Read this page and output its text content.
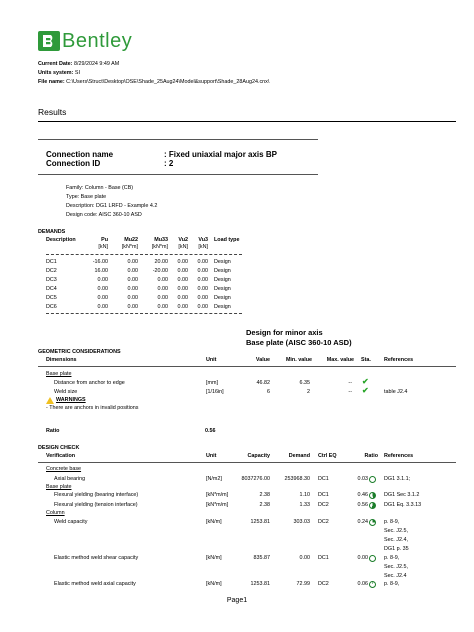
Bentley
Current Date: 8/29/2024 9:49 AM
Units system: SI
File name: C:\Users\Struct\Desktop\OSE\Shade_25Aug24\Model&support\Shade_28Aug24.cnx\
Results
Connection name	: Fixed uniaxial major axis BP
Connection ID	: 2
Family: Column - Base (CB)
Type: Base plate
Description: DG1 LRFD - Example 4.2
Design code: AISC 360-10 ASD
DEMANDS
Description	Pu	Mu22	Mu33	Vu2	Vu3 Load type
[kN]	[kN*m]	[kN*m]	[kN]	[kN]
DC1	-16.00	0.00	20.00	0.00	0.00 Design
DC2	16.00	0.00	-20.00	0.00	0.00 Design
DC3	0.00	0.00	0.00	0.00	0.00 Design
DC4	0.00	0.00	0.00	0.00	0.00 Design
DC5	0.00	0.00	0.00	0.00	0.00 Design
DC6	0.00	0.00	0.00	0.00	0.00 Design
Design for minor axis
Base plate (AISC 360-10 ASD)
GEOMETRIC CONSIDERATIONS
Dimensions	Unit	Value	Min. value	Max. value Sta. References
Base plate
Distance from anchor to edge	[mm]	46.82	6.35	-- ✔
Weld size	[1/16in]	6	2	-- ✔	table J2.4
WARNINGS
- There are anchors in invalid positions
Ratio	0.56
DESIGN CHECK
Verification	Unit	Capacity	Demand Ctrl EQ	Ratio References
Concrete base
Axial bearing	[N/m2]	8037276.00	253968.30 DC1	0.03	DG1 3.1.1;
Base plate
Flexural yielding (bearing interface)	[kN*m/m]	2.38	1.10 DC1	0.46	DG1 Sec 3.1.2
Flexural yielding (tension interface)	[kN*m/m]	2.38	1.33 DC2	0.56	DG1 Eq. 3.3.13
Column
Weld capacity	[kN/m]	1253.81	303.03 DC2	0.24	p. 8-9,
Sec. J2.5,
Sec. J2.4,
DG1 p. 35
Elastic method weld shear capacity	[kN/m]	835.87	0.00 DC1	0.00	p. 8-9,
Sec. J2.5,
Sec. J2.4
Elastic method weld axial capacity	[kN/m]	1253.81	72.99 DC2	0.06	p. 8-9,
Page1
